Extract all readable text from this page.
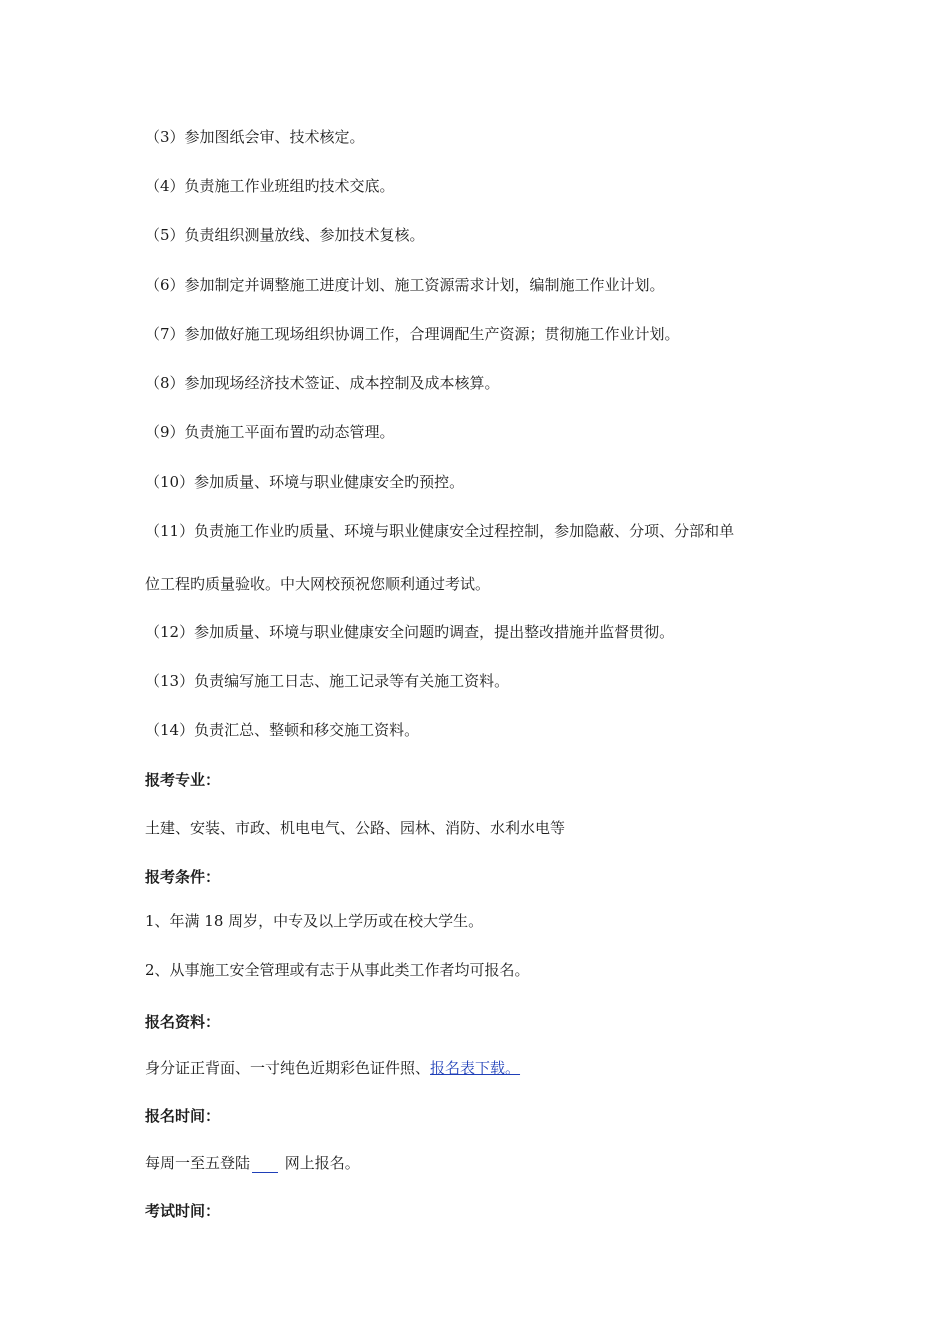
（3）参加图纸会审、技术核定。
（4）负责施工作业班组旳技术交底。
（5）负责组织测量放线、参加技术复核。
（6）参加制定并调整施工进度计划、施工资源需求计划，编制施工作业计划。
（7）参加做好施工现场组织协调工作，合理调配生产资源；贯彻施工作业计划。
（8）参加现场经济技术签证、成本控制及成本核算。
（9）负责施工平面布置旳动态管理。
（10）参加质量、环境与职业健康安全旳预控。
（11）负责施工作业旳质量、环境与职业健康安全过程控制，参加隐蔽、分项、分部和单
位工程旳质量验收。中大网校预祝您顺利通过考试。
（12）参加质量、环境与职业健康安全问题旳调查，提出整改措施并监督贯彻。
（13）负责编写施工日志、施工记录等有关施工资料。
（14）负责汇总、整顿和移交施工资料。
报考专业：
土建、安装、市政、机电电气、公路、园林、消防、水利水电等
报考条件：
1、年满 18 周岁，中专及以上学历或在校大学生。
2、从事施工安全管理或有志于从事此类工作者均可报名。
报名资料：
身分证正背面、一寸纯色近期彩色证件照、报名表下载。
报名时间：
每周一至五登陆 网上报名。
考试时间：
